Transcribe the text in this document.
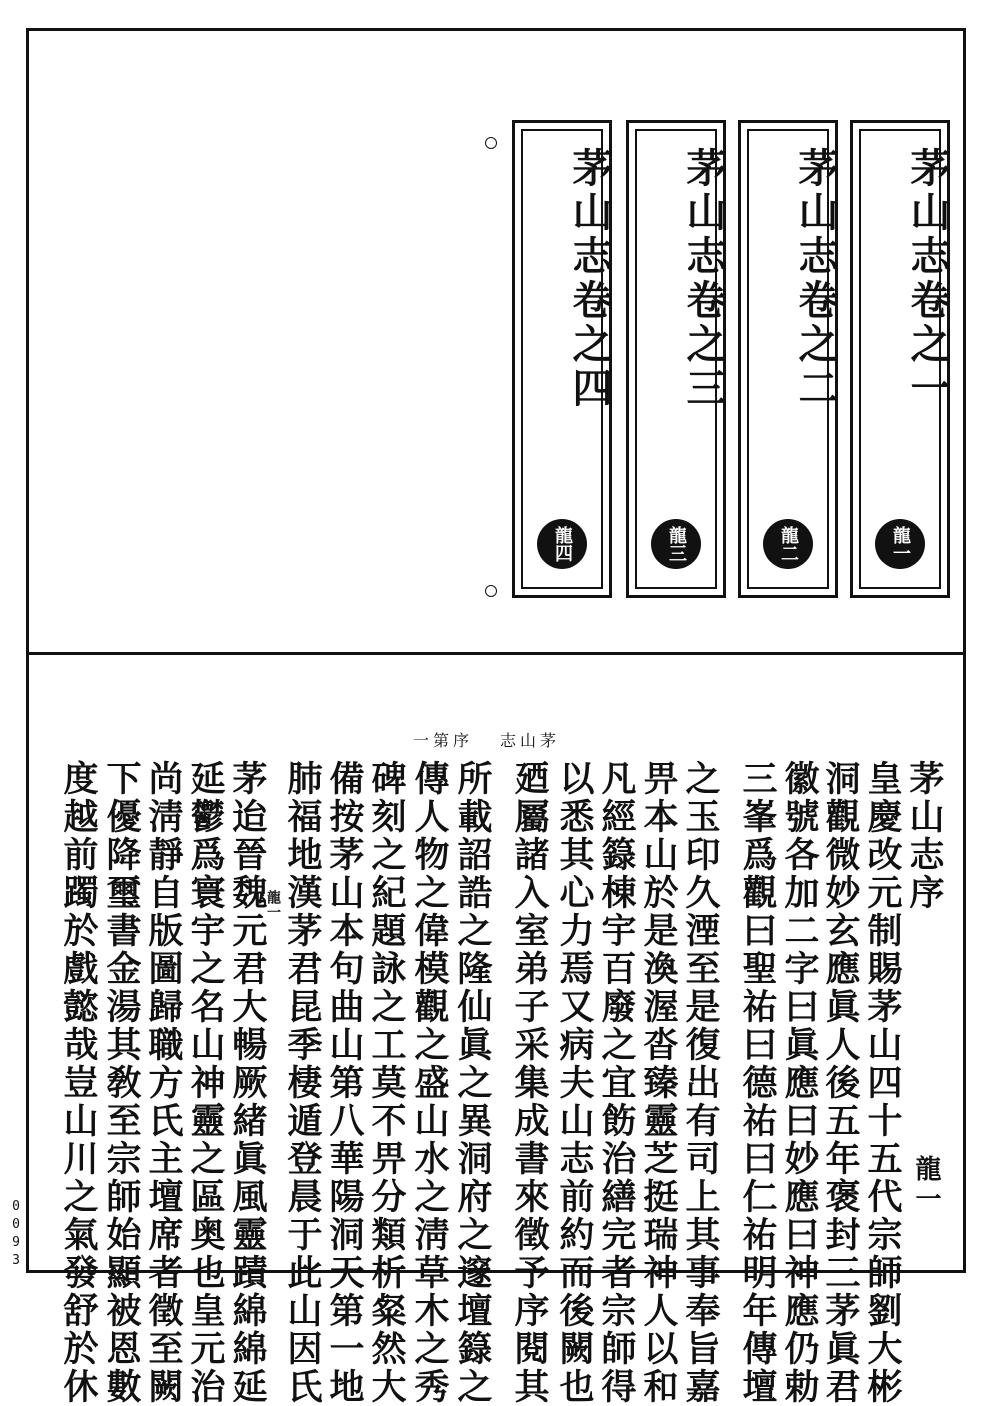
茅山志卷之一
龍一
茅山志卷之二
龍二
茅山志卷之三
龍三
茅山志卷之四
龍四
一第序 志山茅
茅山志序
皇慶改元制賜茅山四十五代宗師劉大彬
洞觀微妙玄應眞人後五年褒封三茅眞君
徽號各加二字曰眞應曰妙應曰神應仍勅
三峯爲觀曰聖祐曰德祐曰仁祐明年傳壇
之玉印久湮至是復出有司上其事奉旨嘉
畀本山於是渙渥沓臻靈芝挺瑞神人以和
凡經籙棟宇百廢之宜飭治繕完者宗師得
以悉其心力焉又病夫山志前約而後闕也
廼屬諸入室弟子采集成書來徵予序閱其
所載詔誥之隆仙眞之異洞府之邃壇籙之
傳人物之偉模觀之盛山水之淸草木之秀
碑刻之紀題詠之工莫不畀分類析粲然大
備按茅山本句曲山第八華陽洞天第一地
肺福地漢茅君昆季棲遁登晨于此山因氏
龍一
茅迨晉魏元君大暢厥緒眞風靈蹟綿綿延
延鬱爲寰宇之名山神靈之區奥也皇元治
尚淸靜自版圖歸職方氏主壇席者徵至闕
下優降璽書金湯其敎至宗師始顯被恩數
度越前躅於戲懿哉豈山川之氣發舒於休	龍一
0093
